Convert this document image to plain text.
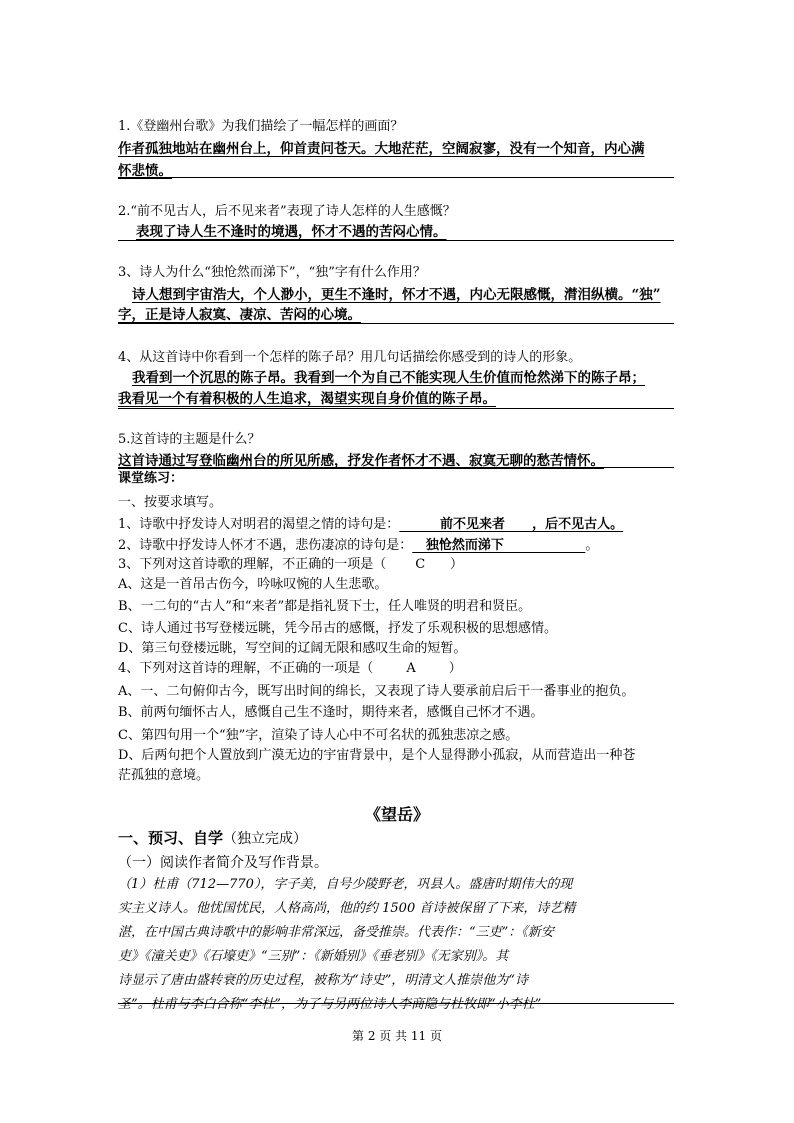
1.《登幽州台歌》为我们描绘了一幅怎样的画面？
作者孤独地站在幽州台上，仰首责问苍天。大地茫茫，空阔寂寥，没有一个知音，内心满
怀悲愤。
2.“前不见古人，后不见来者”表现了诗人怎样的人生感慨？
表现了诗人生不逢时的境遇，怀才不遇的苦闷心情。
3、诗人为什么“独怆然而涕下”，“独”字有什么作用？
诗人想到宇宙浩大，个人渺小，更生不逢时，怀才不遇，内心无限感慨，潸泪纵横。“独”
字，正是诗人寂寞、凄凉、苦闷的心境。
4、从这首诗中你看到一个怎样的陈子昂？用几句话描绘你感受到的诗人的形象。
我看到一个沉思的陈子昂。我看到一个为自己不能实现人生价值而怆然涕下的陈子昂；
我看见一个有着积极的人生追求，渴望实现自身价值的陈子昂。
5.这首诗的主题是什么？
这首诗通过写登临幽州台的所见所感，抒发作者怀才不遇、寂寞无聊的愁苦情怀。
课堂练习：
一、按要求填写。
1、诗歌中抒发诗人对明君的渴望之情的诗句是：         前不见来者      ，后不见古人。
2、诗歌中抒发诗人怀才不遇，悲伤凄凉的诗句是：   独怆然而涕下                  。
3、下列对这首诗歌的理解，不正确的一项是（ C ）
A、这是一首吊古伤今，吟咏叹惋的人生悲歌。
B、一二句的“古人”和“来者”都是指礼贤下士，任人唯贤的明君和贤臣。
C、诗人通过书写登楼远眺，凭今吊古的感慨，抒发了乐观积极的思想感情。
D、第三句登楼远眺，写空间的辽阔无限和感叹生命的短暂。
4、下列对这首诗的理解，不正确的一项是（	A	）
A、一、二句俯仰古今，既写出时间的绵长，又表现了诗人要承前启后干一番事业的抱负。
B、前两句缅怀古人，感慨自己生不逢时，期待来者，感慨自己怀才不遇。
C、第四句用一个“独”字，渲染了诗人心中不可名状的孤独悲凉之感。
D、后两句把个人置放到广漠无边的宇宙背景中，是个人显得渺小孤寂，从而营造出一种苍
茫孤独的意境。
《望岳》
一、预习、自学（独立完成）
（一）阅读作者简介及写作背景。
（1）杜甫（712—770），字子美，自号少陵野老，巩县人。盛唐时期伟大的现
实主义诗人。他忧国忧民，人格高尚，他的约 1500 首诗被保留了下来，诗艺精
湛，在中国古典诗歌中的影响非常深远，备受推崇。代表作：“三吏”：《新安
吏》《潼关吏》《石壕吏》“三别”：《新婚别》《垂老别》《无家别》。其
诗显示了唐由盛转衰的历史过程，被称为“诗史”，明清文人推崇他为“诗
圣”。杜甫与李白合称“李杜”，为了与另两位诗人李商隐与杜牧即“小李杜”
第 2 页 共 11 页
